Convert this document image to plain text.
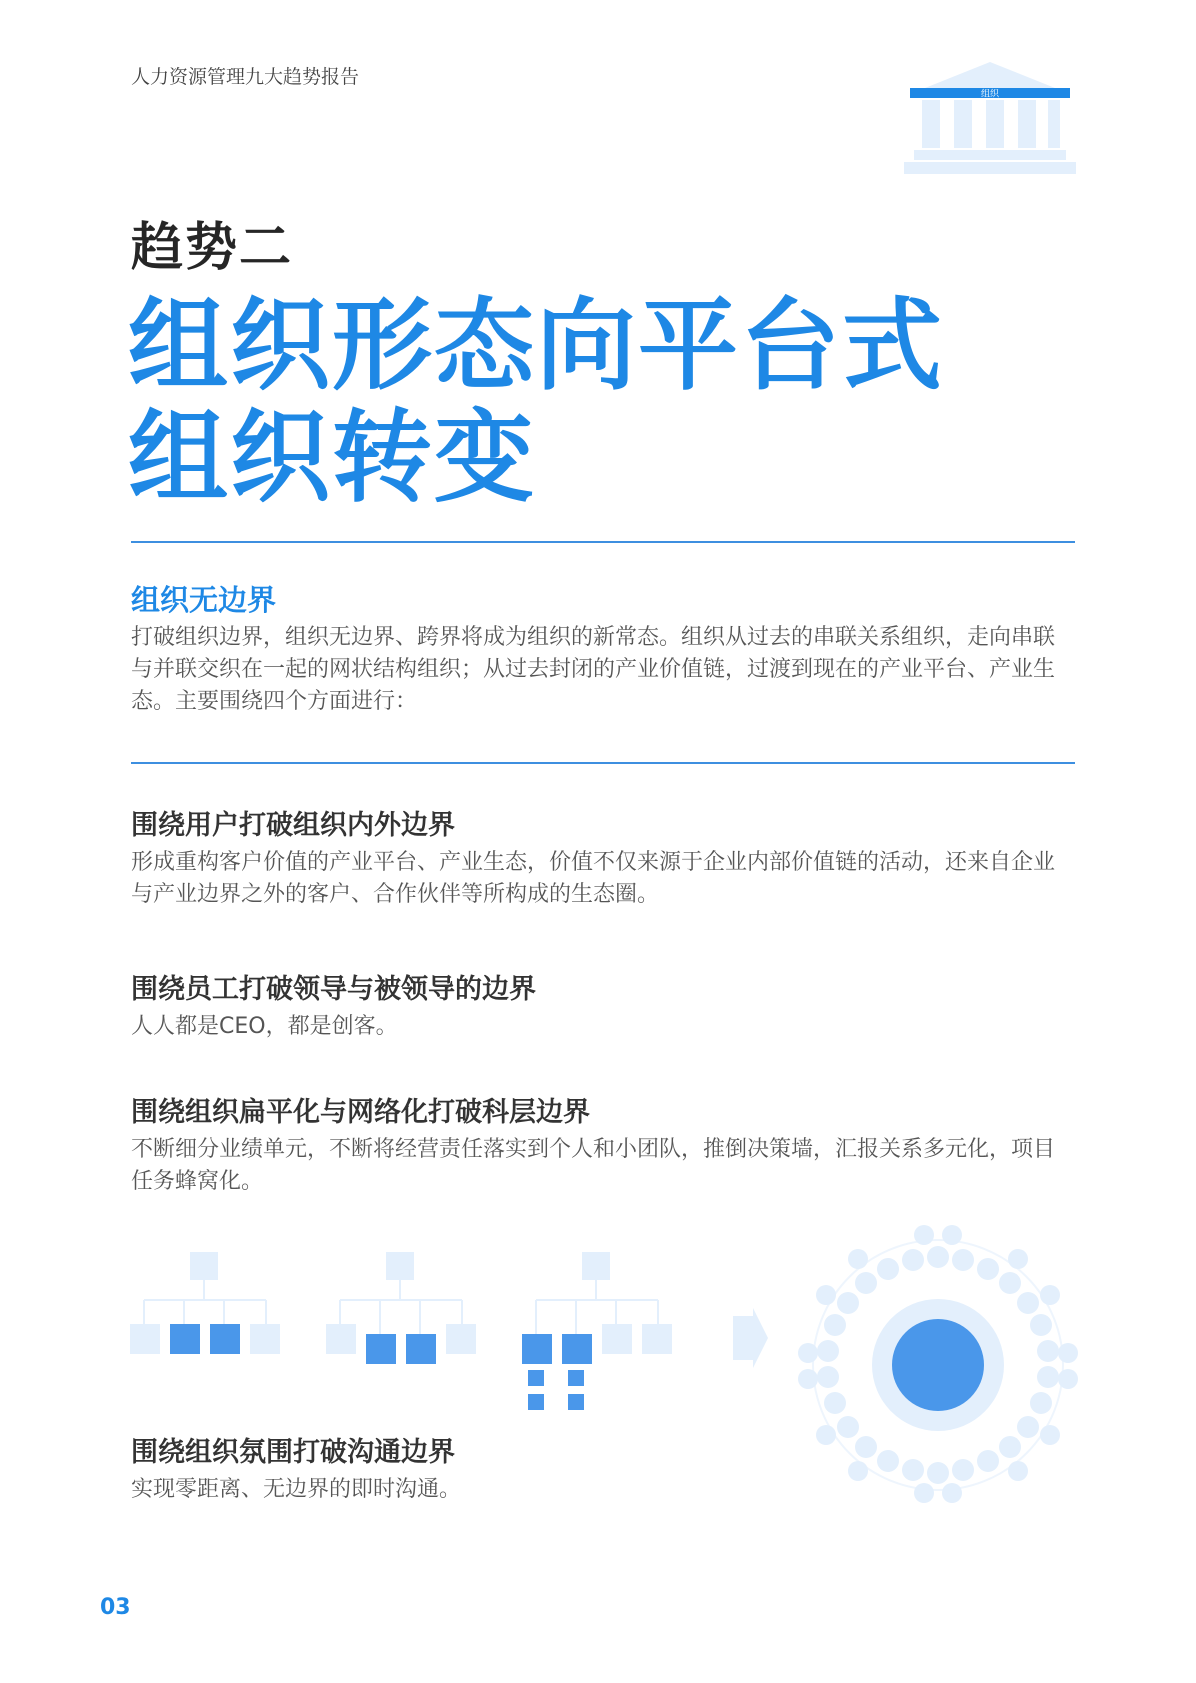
人力资源管理九大趋势报告
组织
趋势二
组织形态向平台式
组织转变
组织无边界
打破组织边界，组织无边界、跨界将成为组织的新常态。组织从过去的串联关系组织，走向串联与并联交织在一起的网状结构组织；从过去封闭的产业价值链，过渡到现在的产业平台、产业生态。主要围绕四个方面进行：
围绕用户打破组织内外边界
形成重构客户价值的产业平台、产业生态，价值不仅来源于企业内部价值链的活动，还来自企业与产业边界之外的客户、合作伙伴等所构成的生态圈。
围绕员工打破领导与被领导的边界
人人都是CEO，都是创客。
围绕组织扁平化与网络化打破科层边界
不断细分业绩单元，不断将经营责任落实到个人和小团队，推倒决策墙，汇报关系多元化，项目任务蜂窝化。
围绕组织氛围打破沟通边界
实现零距离、无边界的即时沟通。
03
